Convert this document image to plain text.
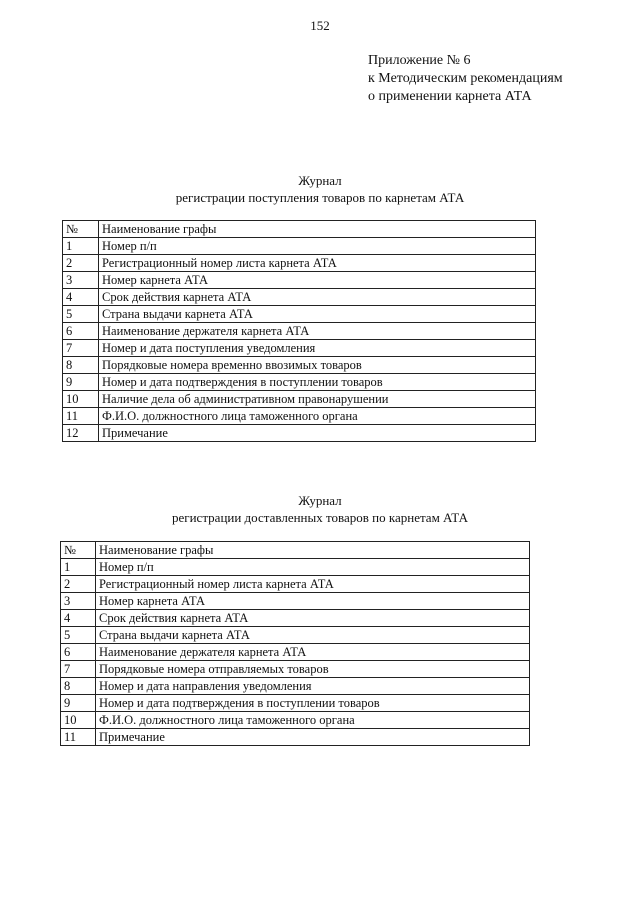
152
Приложение № 6
к Методическим рекомендациям
о применении карнета АТА
Журнал
регистрации поступления товаров по карнетам АТА
№	Наименование графы
1	Номер п/п
2	Регистрационный номер листа карнета АТА
3	Номер карнета АТА
4	Срок действия карнета АТА
5	Страна выдачи карнета АТА
6	Наименование держателя карнета АТА
7	Номер и дата поступления уведомления
8	Порядковые номера временно ввозимых товаров
9	Номер и дата подтверждения в поступлении товаров
10	Наличие дела об административном правонарушении
11	Ф.И.О. должностного лица таможенного органа
12	Примечание
Журнал
регистрации доставленных товаров по карнетам АТА
№	Наименование графы
1	Номер п/п
2	Регистрационный номер листа карнета АТА
3	Номер карнета АТА
4	Срок действия карнета АТА
5	Страна выдачи карнета АТА
6	Наименование держателя карнета АТА
7	Порядковые номера отправляемых товаров
8	Номер и дата направления уведомления
9	Номер и дата подтверждения в поступлении товаров
10	Ф.И.О. должностного лица таможенного органа
11	Примечание
